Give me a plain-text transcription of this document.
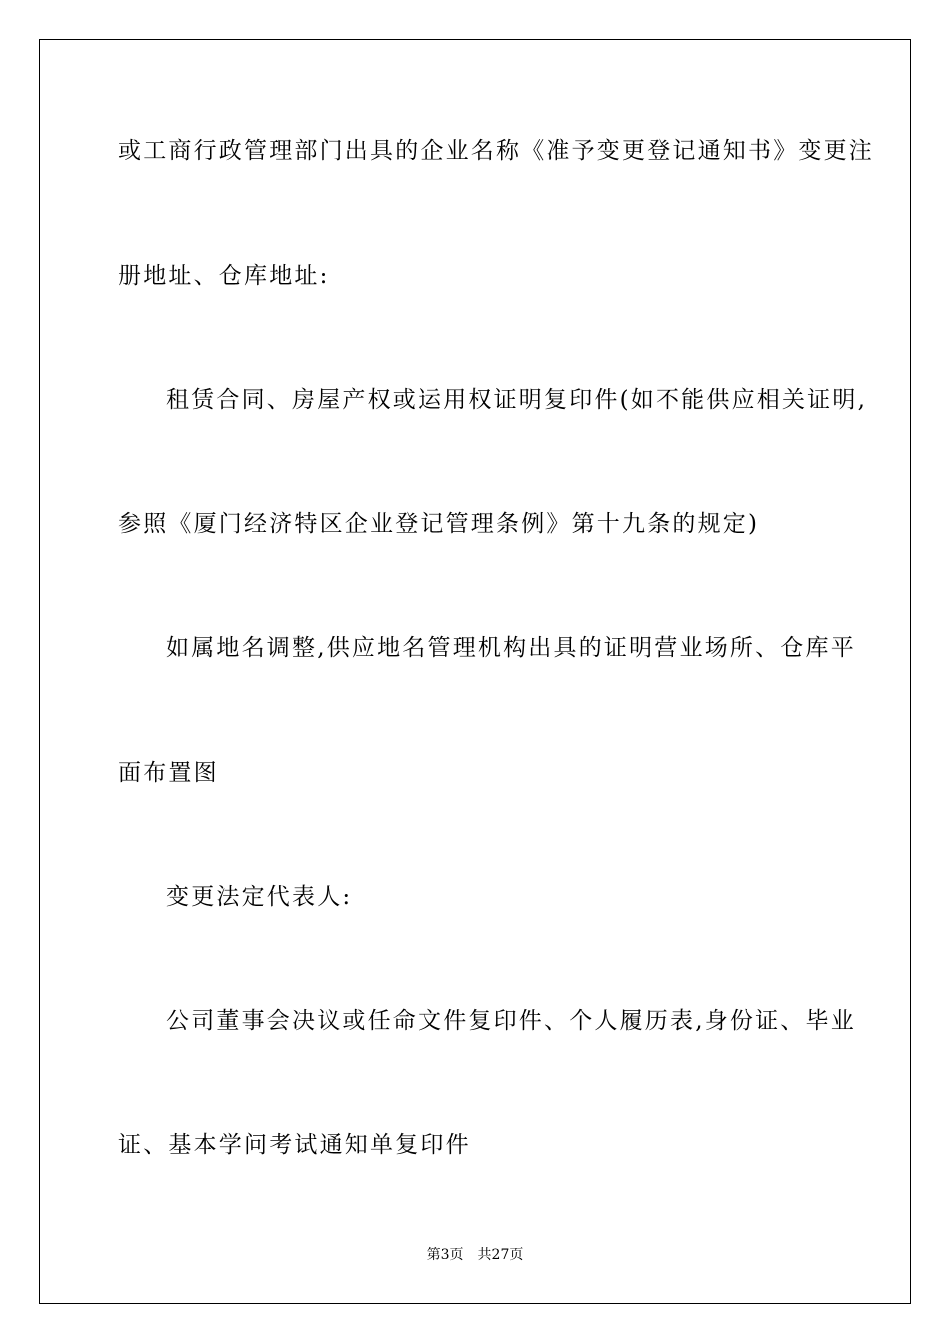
或工商行政管理部门出具的企业名称《准予变更登记通知书》变更注
册地址、仓库地址:
租赁合同、房屋产权或运用权证明复印件(如不能供应相关证明,
参照《厦门经济特区企业登记管理条例》第十九条的规定)
如属地名调整,供应地名管理机构出具的证明营业场所、仓库平
面布置图
变更法定代表人:
公司董事会决议或任命文件复印件、个人履历表,身份证、毕业
证、基本学问考试通知单复印件
第3页 共27页
